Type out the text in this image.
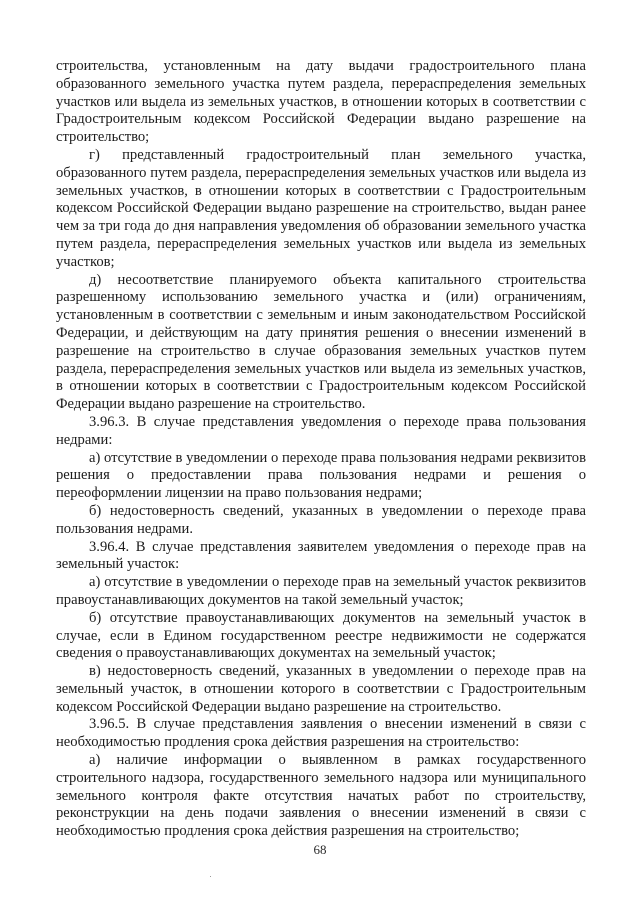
строительства, установленным на дату выдачи градостроительного плана образованного земельного участка путем раздела, перераспределения земельных участков или выдела из земельных участков, в отношении которых в соответствии с Градостроительным кодексом Российской Федерации выдано разрешение на строительство;

г) представленный градостроительный план земельного участка, образованного путем раздела, перераспределения земельных участков или выдела из земельных участков, в отношении которых в соответствии с Градостроительным кодексом Российской Федерации выдано разрешение на строительство, выдан ранее чем за три года до дня направления уведомления об образовании земельного участка путем раздела, перераспределения земельных участков или выдела из земельных участков;

д) несоответствие планируемого объекта капитального строительства разрешенному использованию земельного участка и (или) ограничениям, установленным в соответствии с земельным и иным законодательством Российской Федерации, и действующим на дату принятия решения о внесении изменений в разрешение на строительство в случае образования земельных участков путем раздела, перераспределения земельных участков или выдела из земельных участков, в отношении которых в соответствии с Градостроительным кодексом Российской Федерации выдано разрешение на строительство.

3.96.3. В случае представления уведомления о переходе права пользования недрами:

а) отсутствие в уведомлении о переходе права пользования недрами реквизитов решения о предоставлении права пользования недрами и решения о переоформлении лицензии на право пользования недрами;

б) недостоверность сведений, указанных в уведомлении о переходе права пользования недрами.

3.96.4. В случае представления заявителем уведомления о переходе прав на земельный участок:

а) отсутствие в уведомлении о переходе прав на земельный участок реквизитов правоустанавливающих документов на такой земельный участок;

б) отсутствие правоустанавливающих документов на земельный участок в случае, если в Едином государственном реестре недвижимости не содержатся сведения о правоустанавливающих документах на земельный участок;

в) недостоверность сведений, указанных в уведомлении о переходе прав на земельный участок, в отношении которого в соответствии с Градостроительным кодексом Российской Федерации выдано разрешение на строительство.

3.96.5. В случае представления заявления о внесении изменений в связи с необходимостью продления срока действия разрешения на строительство:

а) наличие информации о выявленном в рамках государственного строительного надзора, государственного земельного надзора или муниципального земельного контроля факте отсутствия начатых работ по строительству, реконструкции на день подачи заявления о внесении изменений в связи с необходимостью продления срока действия разрешения на строительство;

68
